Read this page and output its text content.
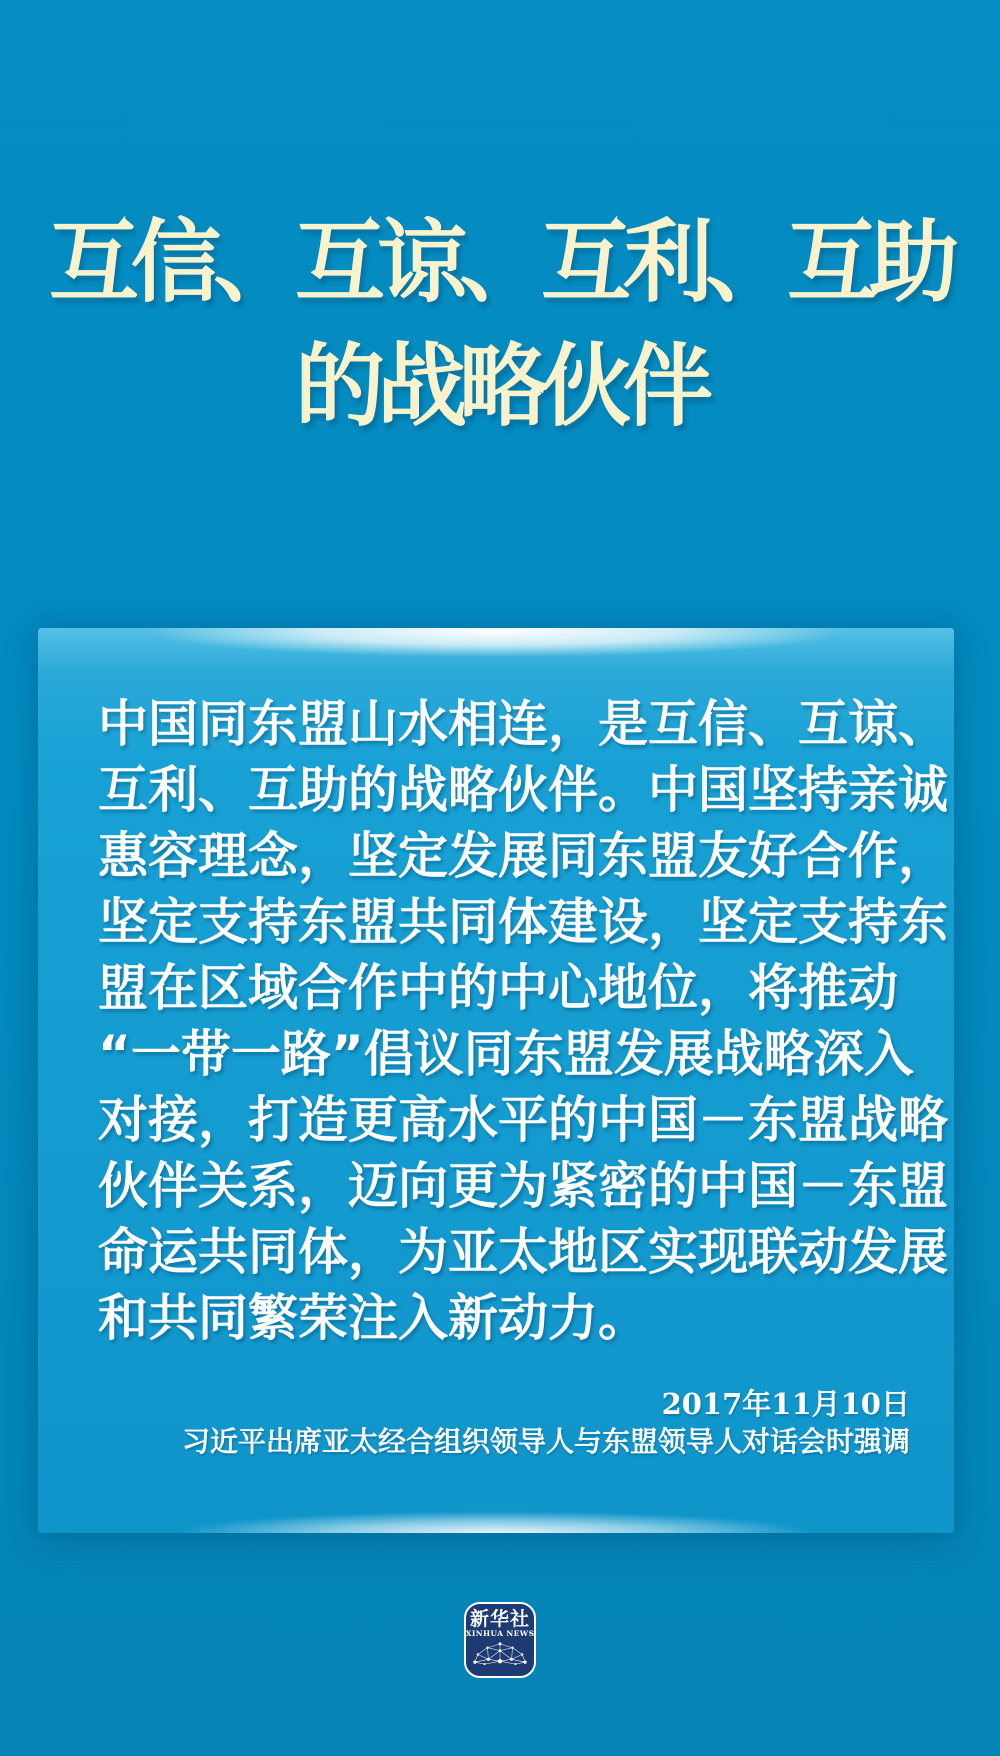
互信、互谅、互利、互助
的战略伙伴
中国同东盟山水相连，是互信、互谅、
互利、互助的战略伙伴。中国坚持亲诚
惠容理念，坚定发展同东盟友好合作，
坚定支持东盟共同体建设，坚定支持东
盟在区域合作中的中心地位，将推动
“一带一路”倡议同东盟发展战略深入
对接，打造更高水平的中国－东盟战略
伙伴关系，迈向更为紧密的中国－东盟
命运共同体，为亚太地区实现联动发展
和共同繁荣注入新动力。
2017年11月10日
习近平出席亚太经合组织领导人与东盟领导人对话会时强调
新华社
XINHUA NEWS
